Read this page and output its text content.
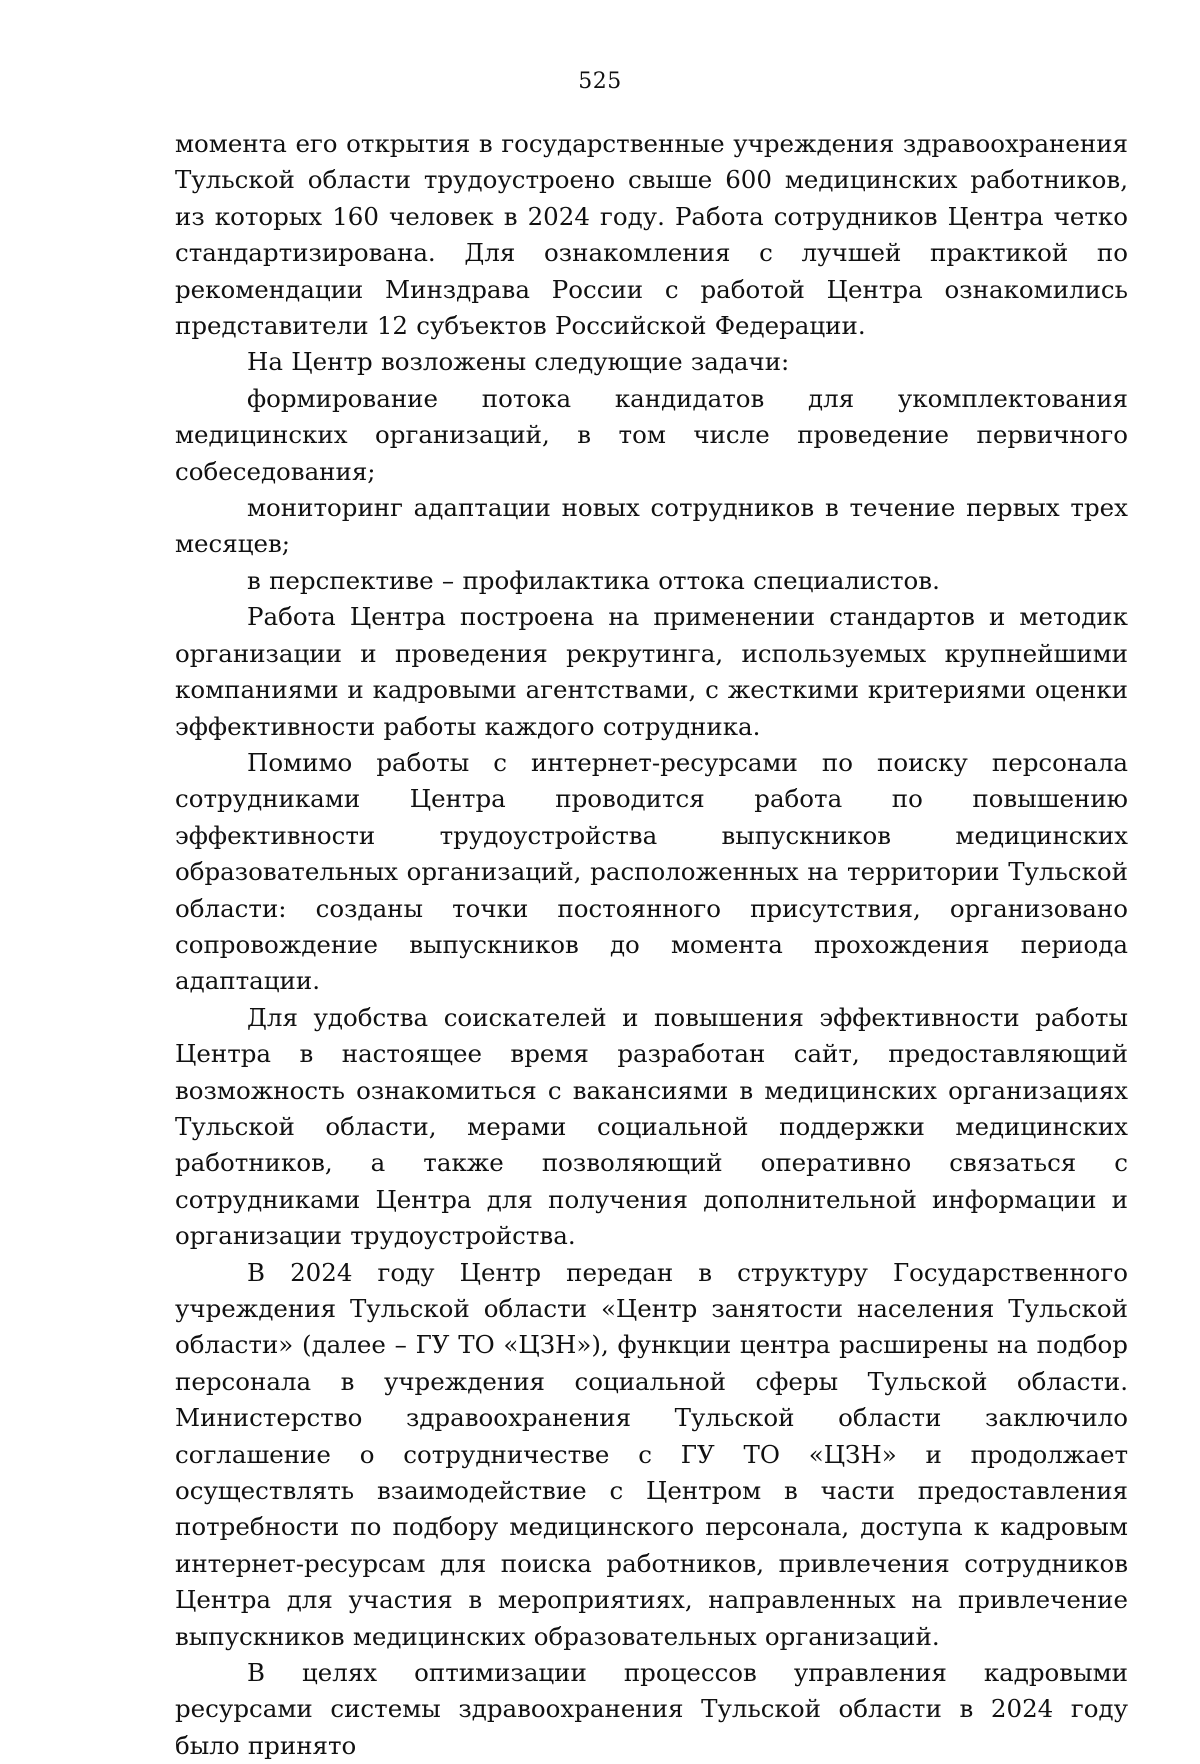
525

момента его открытия в государственные учреждения здравоохранения Тульской области трудоустроено свыше 600 медицинских работников, из которых 160 человек в 2024 году. Работа сотрудников Центра четко стандартизирована. Для ознакомления с лучшей практикой по рекомендации Минздрава России с работой Центра ознакомились представители 12 субъектов Российской Федерации.

На Центр возложены следующие задачи:

формирование потока кандидатов для укомплектования медицинских организаций, в том числе проведение первичного собеседования;

мониторинг адаптации новых сотрудников в течение первых трех месяцев;

в перспективе – профилактика оттока специалистов.

Работа Центра построена на применении стандартов и методик организации и проведения рекрутинга, используемых крупнейшими компаниями и кадровыми агентствами, с жесткими критериями оценки эффективности работы каждого сотрудника.

Помимо работы с интернет-ресурсами по поиску персонала сотрудниками Центра проводится работа по повышению эффективности трудоустройства выпускников медицинских образовательных организаций, расположенных на территории Тульской области: созданы точки постоянного присутствия, организовано сопровождение выпускников до момента прохождения периода адаптации.

Для удобства соискателей и повышения эффективности работы Центра в настоящее время разработан сайт, предоставляющий возможность ознакомиться с вакансиями в медицинских организациях Тульской области, мерами социальной поддержки медицинских работников, а также позволяющий оперативно связаться с сотрудниками Центра для получения дополнительной информации и организации трудоустройства.

В 2024 году Центр передан в структуру Государственного учреждения Тульской области «Центр занятости населения Тульской области» (далее – ГУ ТО «ЦЗН»), функции центра расширены на подбор персонала в учреждения социальной сферы Тульской области. Министерство здравоохранения Тульской области заключило соглашение о сотрудничестве с ГУ ТО «ЦЗН» и продолжает осуществлять взаимодействие с Центром в части предоставления потребности по подбору медицинского персонала, доступа к кадровым интернет-ресурсам для поиска работников, привлечения сотрудников Центра для участия в мероприятиях, направленных на привлечение выпускников медицинских образовательных организаций.

В целях оптимизации процессов управления кадровыми ресурсами системы здравоохранения Тульской области в 2024 году было принято
